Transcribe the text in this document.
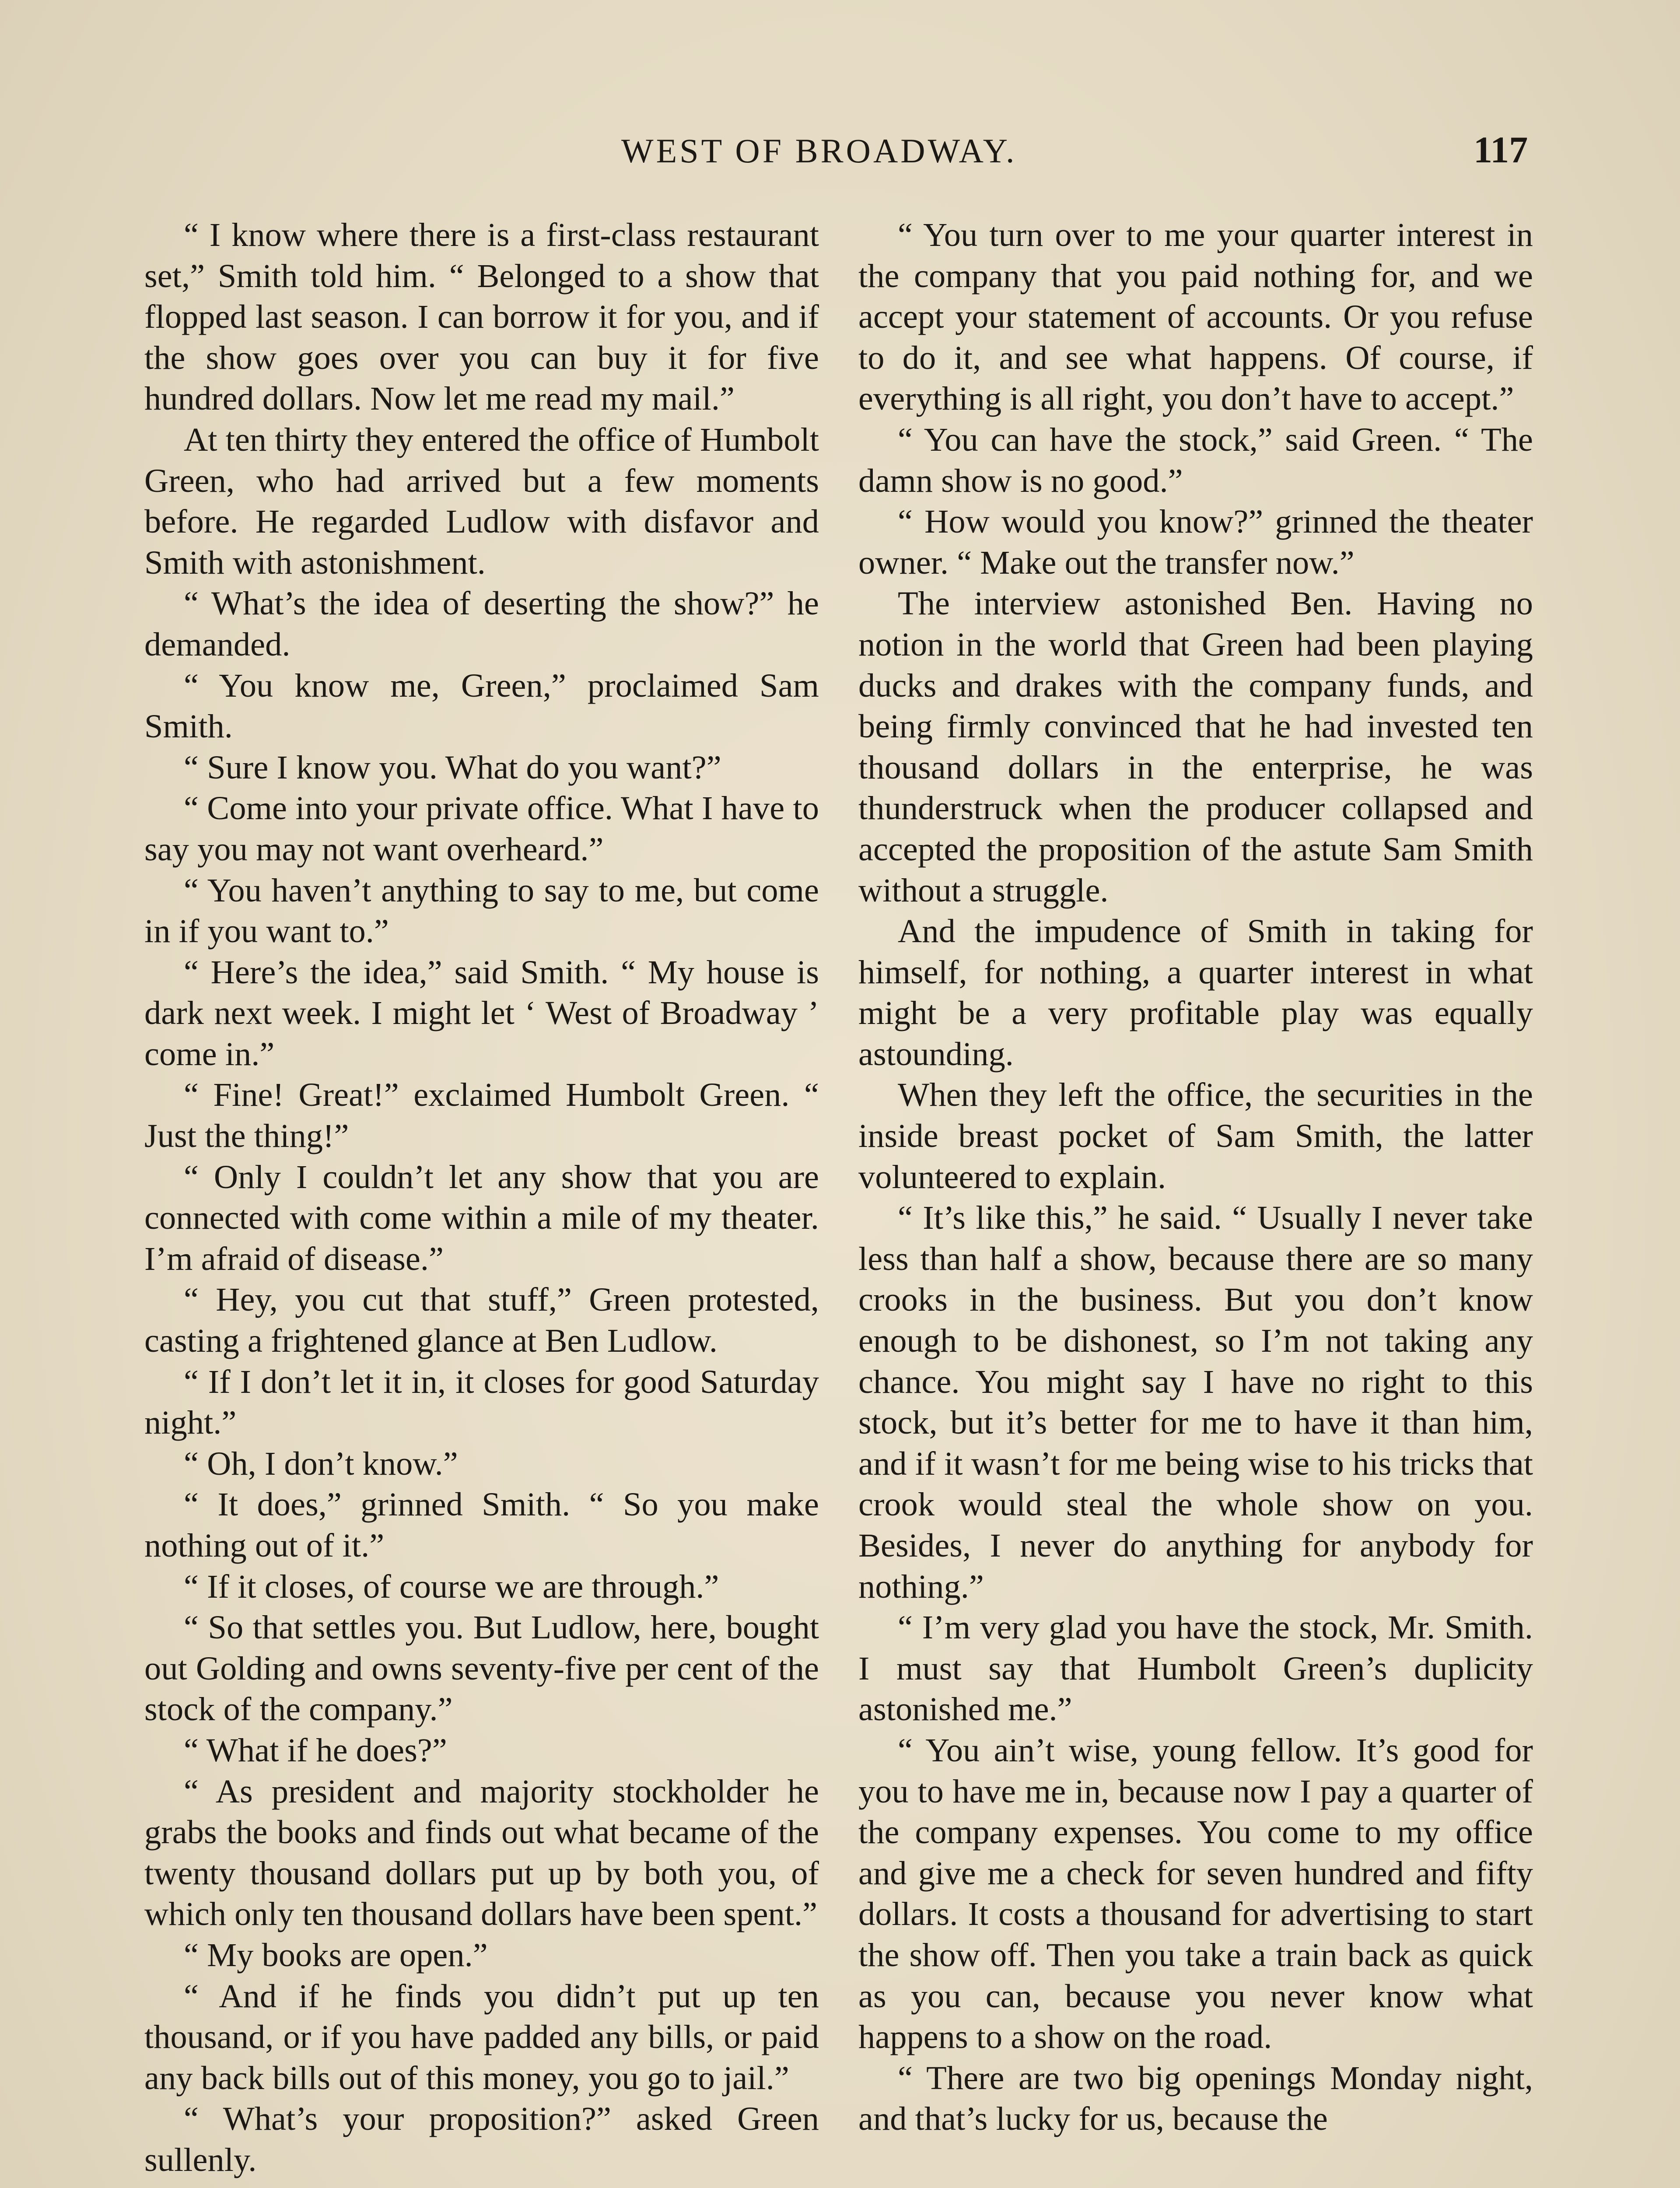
WEST OF BROADWAY.	117

“ I know where there is a first-class restaurant set,” Smith told him. “ Belonged to a show that flopped last season. I can borrow it for you, and if the show goes over you can buy it for five hundred dollars. Now let me read my mail.”

At ten thirty they entered the office of Humbolt Green, who had arrived but a few moments before. He regarded Ludlow with disfavor and Smith with astonishment.

“ What’s the idea of deserting the show?” he demanded.

“ You know me, Green,” proclaimed Sam Smith.

“ Sure I know you. What do you want?”

“ Come into your private office. What I have to say you may not want overheard.”

“ You haven’t anything to say to me, but come in if you want to.”

“ Here’s the idea,” said Smith. “ My house is dark next week. I might let ‘ West of Broadway ’ come in.”

“ Fine! Great!” exclaimed Humbolt Green. “ Just the thing!”

“ Only I couldn’t let any show that you are connected with come within a mile of my theater. I’m afraid of disease.”

“ Hey, you cut that stuff,” Green protested, casting a frightened glance at Ben Ludlow.

“ If I don’t let it in, it closes for good Saturday night.”

“ Oh, I don’t know.”

“ It does,” grinned Smith. “ So you make nothing out of it.”

“ If it closes, of course we are through.”

“ So that settles you. But Ludlow, here, bought out Golding and owns seventy-five per cent of the stock of the company.”

“ What if he does?”

“ As president and majority stockholder he grabs the books and finds out what became of the twenty thousand dollars put up by both you, of which only ten thousand dollars have been spent.”

“ My books are open.”

“ And if he finds you didn’t put up ten thousand, or if you have padded any bills, or paid any back bills out of this money, you go to jail.”

“ What’s your proposition?” asked Green sullenly.

“ You turn over to me your quarter interest in the company that you paid nothing for, and we accept your statement of accounts. Or you refuse to do it, and see what happens. Of course, if everything is all right, you don’t have to accept.”

“ You can have the stock,” said Green. “ The damn show is no good.”

“ How would you know?” grinned the theater owner. “ Make out the transfer now.”

The interview astonished Ben. Having no notion in the world that Green had been playing ducks and drakes with the company funds, and being firmly convinced that he had invested ten thousand dollars in the enterprise, he was thunderstruck when the producer collapsed and accepted the proposition of the astute Sam Smith without a struggle.

And the impudence of Smith in taking for himself, for nothing, a quarter interest in what might be a very profitable play was equally astounding.

When they left the office, the securities in the inside breast pocket of Sam Smith, the latter volunteered to explain.

“ It’s like this,” he said. “ Usually I never take less than half a show, because there are so many crooks in the business. But you don’t know enough to be dishonest, so I’m not taking any chance. You might say I have no right to this stock, but it’s better for me to have it than him, and if it wasn’t for me being wise to his tricks that crook would steal the whole show on you. Besides, I never do anything for anybody for nothing.”

“ I’m very glad you have the stock, Mr. Smith. I must say that Humbolt Green’s duplicity astonished me.”

“ You ain’t wise, young fellow. It’s good for you to have me in, because now I pay a quarter of the company expenses. You come to my office and give me a check for seven hundred and fifty dollars. It costs a thousand for advertising to start the show off. Then you take a train back as quick as you can, because you never know what happens to a show on the road.

“ There are two big openings Monday night, and that’s lucky for us, because the
